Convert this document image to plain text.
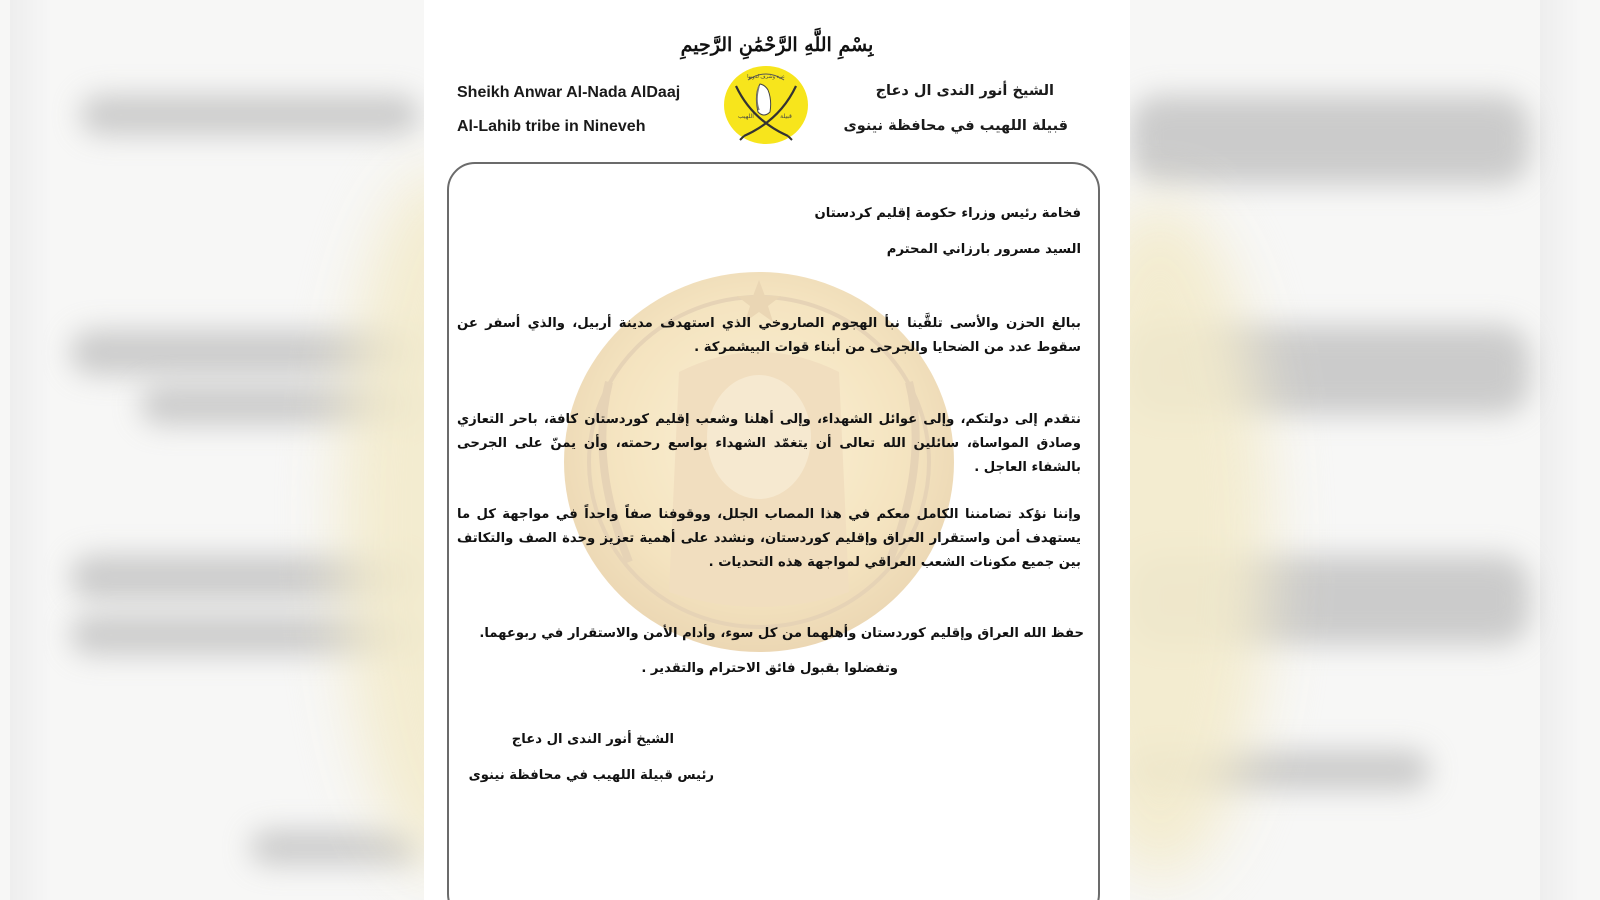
بِسْمِ اللَّهِ الرَّحْمَٰنِ الرَّحِيمِ
Sheikh Anwar Al-Nada AlDaaj
Al-Lahib tribe in Nineveh
عزة وشرف لذويها
اللهيب	قبيلة
الشيخ أنور الندى ال دعاج
قبيلة اللهيب في محافظة نينوى
فخامة رئيس وزراء حكومة إقليم كردستان
السيد مسرور بارزاني المحترم

ببالغ الحزن والأسى تلقَّينا نبأ الهجوم الصاروخي الذي استهدف مدينة أربيل، والذي أسفر عن سقوط عدد من الضحايا والجرحى من أبناء قوات البيشمركة .

نتقدم إلى دولتكم، وإلى عوائل الشهداء، وإلى أهلنا وشعب إقليم كوردستان كافة، باحر التعازي وصادق المواساة، سائلين الله تعالى أن يتغمّد الشهداء بواسع رحمته، وأن يمنّ على الجرحى بالشفاء العاجل .

وإننا نؤكد تضامننا الكامل معكم في هذا المصاب الجلل، ووقوفنا صفاً واحداً في مواجهة كل ما يستهدف أمن واستقرار العراق وإقليم كوردستان، ونشدد على أهمية تعزيز وحدة الصف والتكاتف بين جميع مكونات الشعب العراقي لمواجهة هذه التحديات .

حفظ الله العراق وإقليم كوردستان وأهلهما من كل سوء، وأدام الأمن والاستقرار في ربوعهما.
وتفضلوا بقبول فائق الاحترام والتقدير .
الشيخ أنور الندى ال دعاج
رئيس قبيلة اللهيب في محافظة نينوى
